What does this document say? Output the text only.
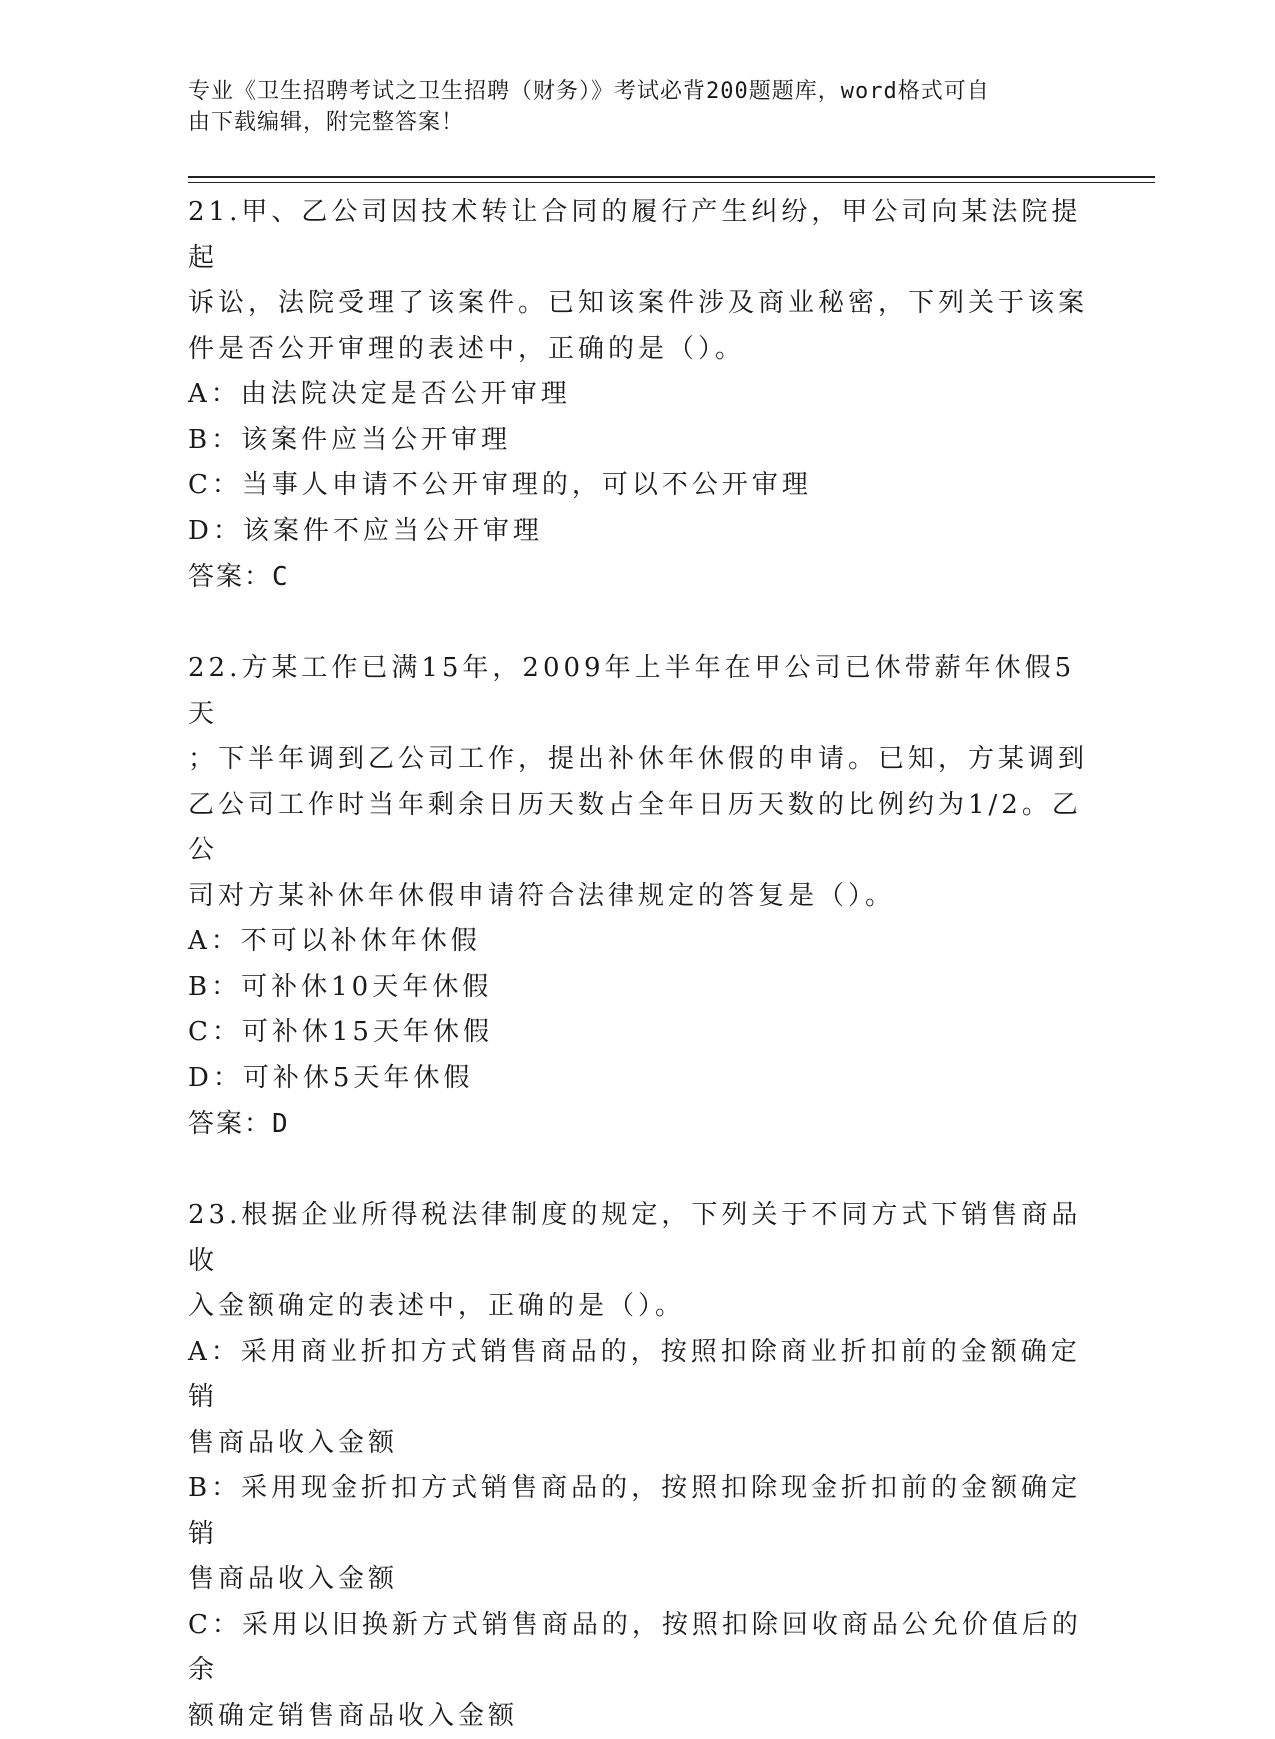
专业《卫生招聘考试之卫生招聘（财务）》考试必背200题题库，word格式可自
由下载编辑，附完整答案！
21.甲、乙公司因技术转让合同的履行产生纠纷，甲公司向某法院提起
诉讼，法院受理了该案件。已知该案件涉及商业秘密，下列关于该案
件是否公开审理的表述中，正确的是（）。
A：由法院决定是否公开审理
B：该案件应当公开审理
C：当事人申请不公开审理的，可以不公开审理
D：该案件不应当公开审理
答案：C
22.方某工作已满15年，2009年上半年在甲公司已休带薪年休假5天
；下半年调到乙公司工作，提出补休年休假的申请。已知，方某调到
乙公司工作时当年剩余日历天数占全年日历天数的比例约为1/2。乙公
司对方某补休年休假申请符合法律规定的答复是（）。
A：不可以补休年休假
B：可补休10天年休假
C：可补休15天年休假
D：可补休5天年休假
答案：D
23.根据企业所得税法律制度的规定，下列关于不同方式下销售商品收
入金额确定的表述中，正确的是（）。
A：采用商业折扣方式销售商品的，按照扣除商业折扣前的金额确定销
售商品收入金额
B：采用现金折扣方式销售商品的，按照扣除现金折扣前的金额确定销
售商品收入金额
C：采用以旧换新方式销售商品的，按照扣除回收商品公允价值后的余
额确定销售商品收入金额
